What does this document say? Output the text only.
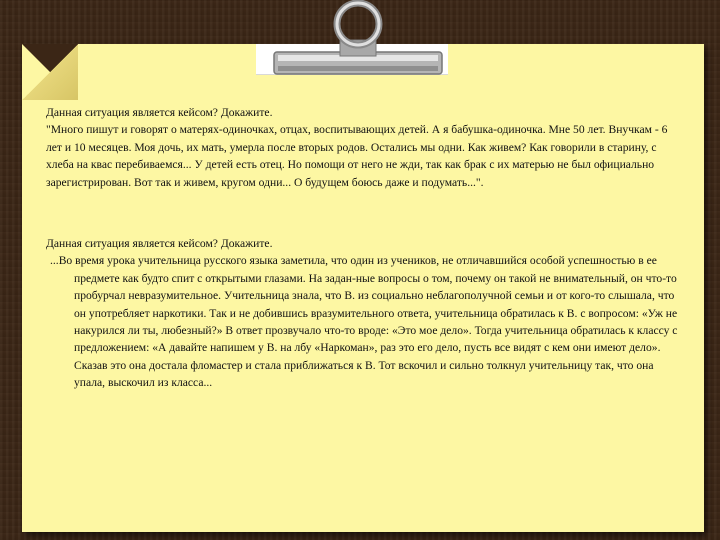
Данная ситуация является кейсом? Докажите.

"Много пишут и говорят о матерях-одиночках, отцах, воспитывающих детей. А я бабушка-одиночка. Мне 50 лет. Внучкам - 6 лет и 10 месяцев. Моя дочь, их мать, умерла после вторых родов. Остались мы одни. Как живем? Как говорили в старину, с хлеба на квас перебиваемся... У детей есть отец. Но помощи от него не жди, так как брак с их матерью не был официально зарегистрирован. Вот так и живем, кругом одни... О будущем боюсь даже и подумать...".

Данная ситуация является кейсом? Докажите.

...Во время урока учительница русского языка заметила, что один из учеников, не отличавшийся особой успешностью в ее предмете как будто спит с открытыми глазами. На задан-ные вопросы о том, почему он такой не внимательный, он что-то пробурчал невразумительное. Учительница знала, что В. из социально неблагополучной семьи и от кого-то слышала, что он употребляет наркотики. Так и не добившись вразумительного ответа, учительница обратилась к В. с вопросом: «Уж не накурился ли ты, любезный?» В ответ прозвучало что-то вроде: «Это мое дело». Тогда учительница обратилась к классу с предложением: «А давайте напишем у В. на лбу «Наркоман», раз это его дело, пусть все видят с кем они имеют дело». Сказав это она достала фломастер и стала приближаться к В. Тот вскочил и сильно толкнул учительницу так, что она упала, выскочил из класса...
